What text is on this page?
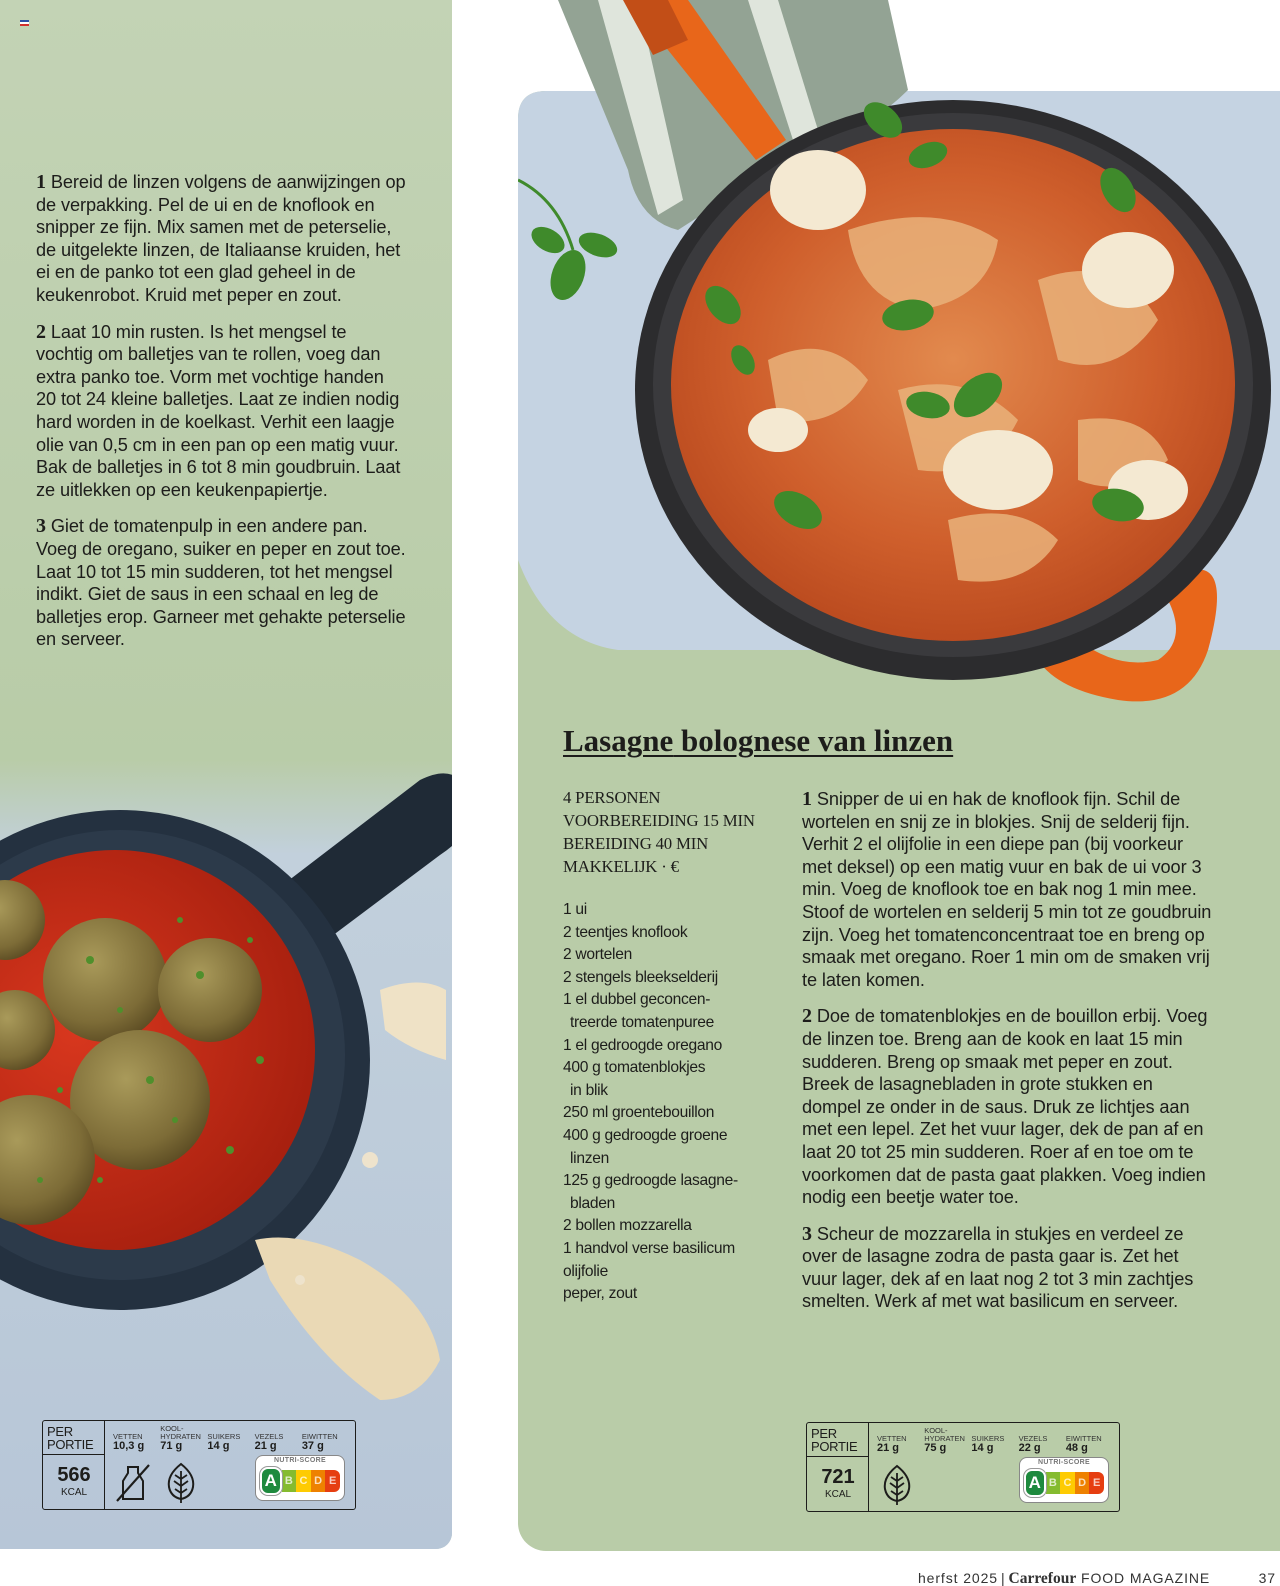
1 Bereid de linzen volgens de aanwijzingen op de verpakking. Pel de ui en de knoflook en snipper ze fijn. Mix samen met de peterselie, de uitgelekte linzen, de Italiaanse kruiden, het ei en de panko tot een glad geheel in de keukenrobot. Kruid met peper en zout.

2 Laat 10 min rusten. Is het mengsel te vochtig om balletjes van te rollen, voeg dan extra panko toe. Vorm met vochtige handen 20 tot 24 kleine balletjes. Laat ze indien nodig hard worden in de koelkast. Verhit een laagje olie van 0,5 cm in een pan op een matig vuur. Bak de balletjes in 6 tot 8 min goudbruin. Laat ze uitlekken op een keukenpapiertje.

3 Giet de tomatenpulp in een andere pan. Voeg de oregano, suiker en peper en zout toe. Laat 10 tot 15 min sudderen, tot het mengsel indikt. Giet de saus in een schaal en leg de balletjes erop. Garneer met gehakte peterselie en serveer.

PER
PORTIE
566
KCAL
VETTEN
10,3 g
KOOL-
HYDRATEN
71 g
SUIKERS
14 g
VEZELS
21 g
EIWITTEN
37 g
NUTRI-SCORE
A B C D E
Lasagne bolognese van linzen
4 PERSONEN
VOORBEREIDING 15 MIN
BEREIDING 40 MIN
MAKKELIJK · €
1 ui
2 teentjes knoflook
2 wortelen
2 stengels bleekselderij
1 el dubbel geconcen-
treerde tomatenpuree
1 el gedroogde oregano
400 g tomatenblokjes
in blik
250 ml groentebouillon
400 g gedroogde groene
linzen
125 g gedroogde lasagne-
bladen
2 bollen mozzarella
1 handvol verse basilicum
olijfolie
peper, zout

1 Snipper de ui en hak de knoflook fijn. Schil de wortelen en snij ze in blokjes. Snij de selderij fijn. Verhit 2 el olijfolie in een diepe pan (bij voorkeur met deksel) op een matig vuur en bak de ui voor 3 min. Voeg de knoflook toe en bak nog 1 min mee. Stoof de wortelen en selderij 5 min tot ze goudbruin zijn. Voeg het tomatenconcentraat toe en breng op smaak met oregano. Roer 1 min om de smaken vrij te laten komen.

2 Doe de tomatenblokjes en de bouillon erbij. Voeg de linzen toe. Breng aan de kook en laat 15 min sudderen. Breng op smaak met peper en zout. Breek de lasagnebladen in grote stukken en dompel ze onder in de saus. Druk ze lichtjes aan met een lepel. Zet het vuur lager, dek de pan af en laat 20 tot 25 min sudderen. Roer af en toe om te voorkomen dat de pasta gaat plakken. Voeg indien nodig een beetje water toe.

3 Scheur de mozzarella in stukjes en verdeel ze over de lasagne zodra de pasta gaar is. Zet het vuur lager, dek af en laat nog 2 tot 3 min zachtjes smelten. Werk af met wat basilicum en serveer.

PER
PORTIE
721
KCAL
VETTEN
21 g
KOOL-
HYDRATEN
75 g
SUIKERS
14 g
VEZELS
22 g
EIWITTEN
48 g
NUTRI-SCORE
A B C D E
herfst 2025 | Carrefour FOOD MAGAZINE	37
